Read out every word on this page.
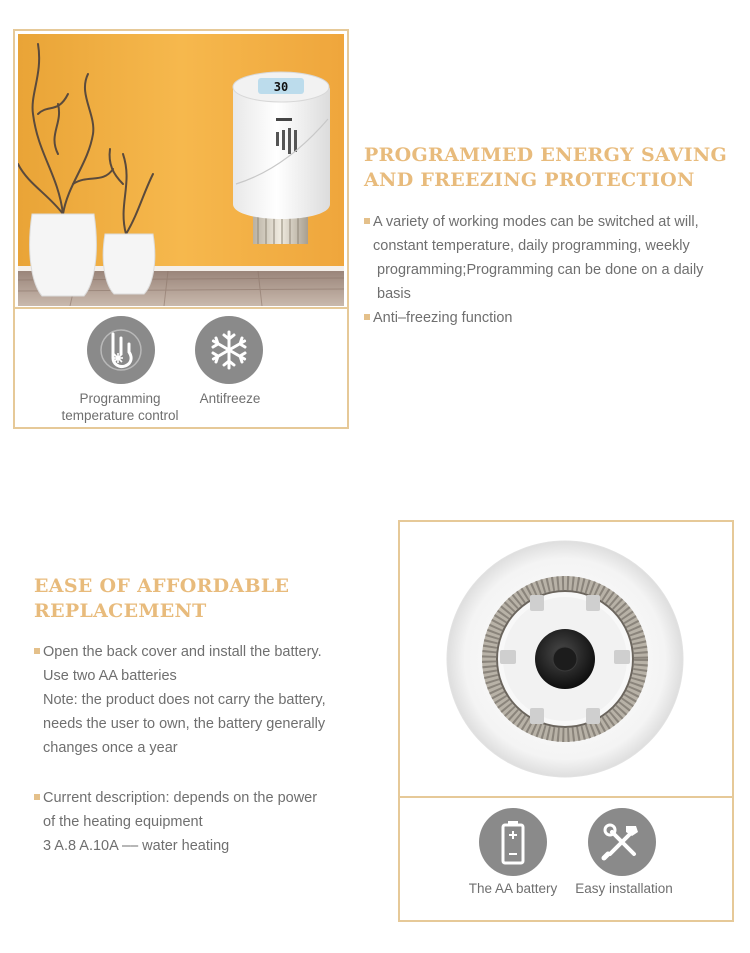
30
Programming
temperature control
Antifreeze
PROGRAMMED ENERGY SAVING
AND FREEZING PROTECTION
A variety of working modes can be switched at will,
constant temperature, daily programming, weekly
programming;Programming can be done on a daily
basis
Anti–freezing function
EASE OF AFFORDABLE
REPLACEMENT
Open the back cover and install the battery.
Use two AA batteries
Note: the product does not carry the battery,
needs the user to own, the battery generally
changes once a year
Current description: depends on the power
of the heating equipment
3 A.8 A.10A –– water heating
The AA battery	Easy installation
